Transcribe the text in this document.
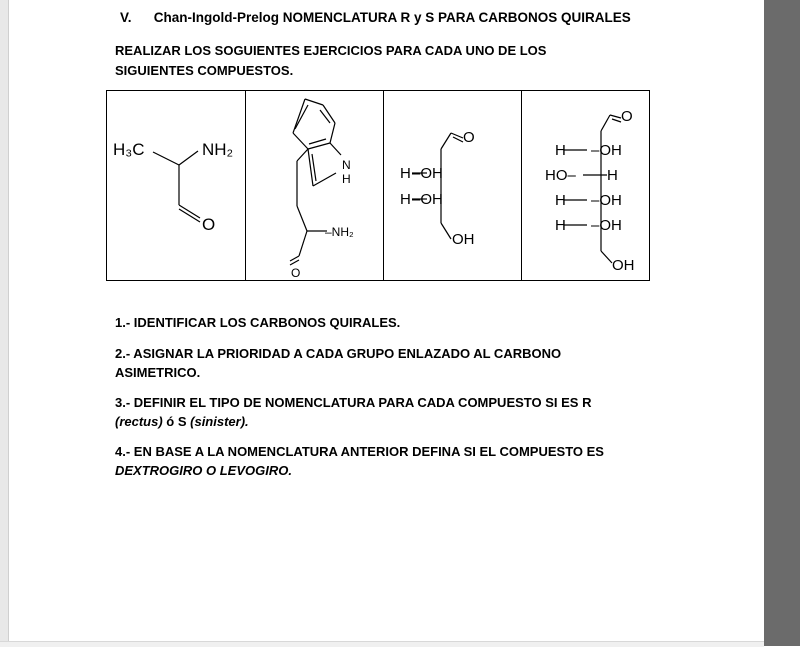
V. Chan-Ingold-Prelog NOMENCLATURA R y S PARA CARBONOS QUIRALES
REALIZAR LOS SOGUIENTES EJERCICIOS PARA CADA UNO DE LOS
SIGUIENTES COMPUESTOS.
H₃C	NH₂
O
N
H
–NH₂
O
O
H
H
–OH
–OH
OH
O
H –OH
HO– H
H –OH
H –OH
OH
1.- IDENTIFICAR LOS CARBONOS QUIRALES.
2.- ASIGNAR LA PRIORIDAD A CADA GRUPO ENLAZADO AL CARBONO
ASIMETRICO.
3.- DEFINIR EL TIPO DE NOMENCLATURA PARA CADA COMPUESTO SI ES R
(rectus) ó S (sinister).
4.- EN BASE A LA NOMENCLATURA ANTERIOR DEFINA SI EL COMPUESTO ES
DEXTROGIRO O LEVOGIRO.
